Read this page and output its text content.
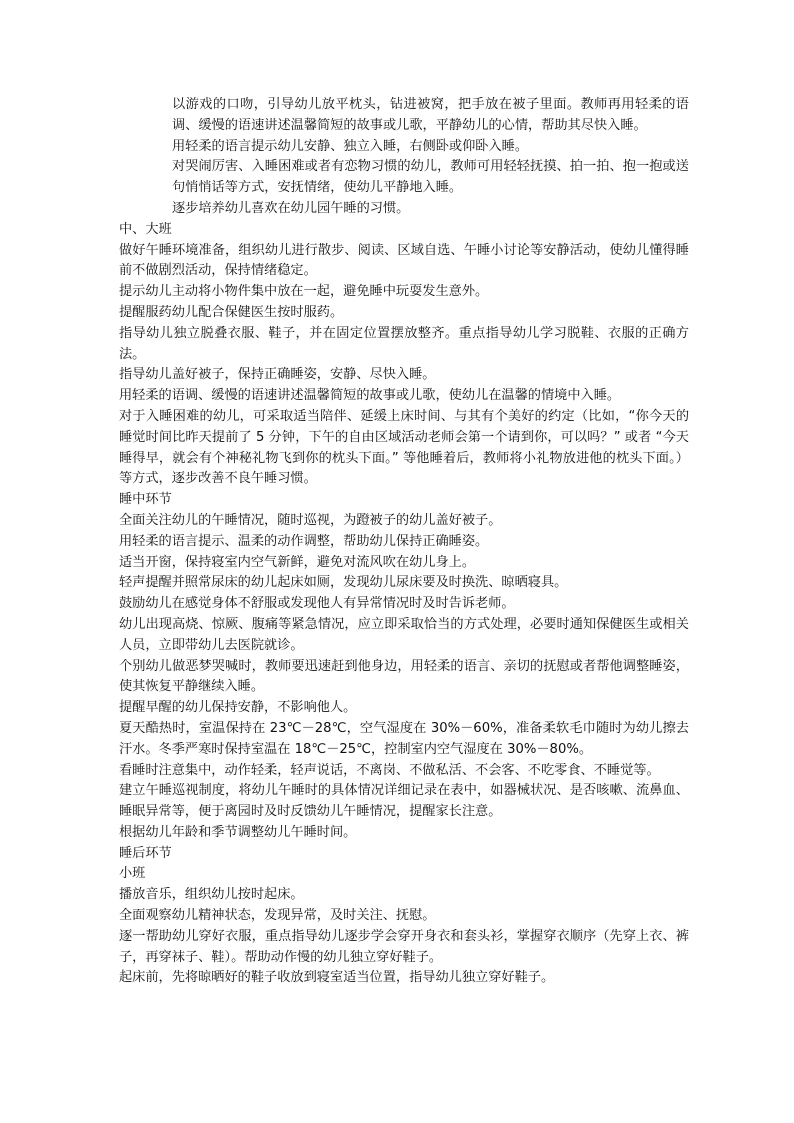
以游戏的口吻，引导幼儿放平枕头，钻进被窝，把手放在被子里面。教师再用轻柔的语调、缓慢的语速讲述温馨简短的故事或儿歌，平静幼儿的心情，帮助其尽快入睡。

用轻柔的语言提示幼儿安静、独立入睡，右侧卧或仰卧入睡。

对哭闹厉害、入睡困难或者有恋物习惯的幼儿，教师可用轻轻抚摸、拍一拍、抱一抱或送句悄悄话等方式，安抚情绪，使幼儿平静地入睡。

逐步培养幼儿喜欢在幼儿园午睡的习惯。

中、大班

做好午睡环境准备，组织幼儿进行散步、阅读、区域自选、午睡小讨论等安静活动，使幼儿懂得睡前不做剧烈活动，保持情绪稳定。

提示幼儿主动将小物件集中放在一起，避免睡中玩耍发生意外。

提醒服药幼儿配合保健医生按时服药。

指导幼儿独立脱叠衣服、鞋子，并在固定位置摆放整齐。重点指导幼儿学习脱鞋、衣服的正确方法。

指导幼儿盖好被子，保持正确睡姿，安静、尽快入睡。

用轻柔的语调、缓慢的语速讲述温馨简短的故事或儿歌，使幼儿在温馨的情境中入睡。

对于入睡困难的幼儿，可采取适当陪伴、延缓上床时间、与其有个美好的约定（比如，“你今天的睡觉时间比昨天提前了 5 分钟，下午的自由区域活动老师会第一个请到你，可以吗？” 或者 “今天睡得早，就会有个神秘礼物飞到你的枕头下面。” 等他睡着后，教师将小礼物放进他的枕头下面。）等方式，逐步改善不良午睡习惯。

睡中环节

全面关注幼儿的午睡情况，随时巡视，为蹬被子的幼儿盖好被子。

用轻柔的语言提示、温柔的动作调整，帮助幼儿保持正确睡姿。

适当开窗，保持寝室内空气新鲜，避免对流风吹在幼儿身上。

轻声提醒并照常尿床的幼儿起床如厕，发现幼儿尿床要及时换洗、晾晒寝具。

鼓励幼儿在感觉身体不舒服或发现他人有异常情况时及时告诉老师。

幼儿出现高烧、惊厥、腹痛等紧急情况，应立即采取恰当的方式处理，必要时通知保健医生或相关人员，立即带幼儿去医院就诊。

个别幼儿做恶梦哭喊时，教师要迅速赶到他身边，用轻柔的语言、亲切的抚慰或者帮他调整睡姿，使其恢复平静继续入睡。

提醒早醒的幼儿保持安静，不影响他人。

夏天酷热时，室温保持在 23℃－28℃，空气湿度在 30%－60%，准备柔软毛巾随时为幼儿擦去汗水。冬季严寒时保持室温在 18℃－25℃，控制室内空气湿度在 30%－80%。

看睡时注意集中，动作轻柔，轻声说话，不离岗、不做私活、不会客、不吃零食、不睡觉等。

建立午睡巡视制度，将幼儿午睡时的具体情况详细记录在表中，如器械状况、是否咳嗽、流鼻血、睡眠异常等，便于离园时及时反馈幼儿午睡情况，提醒家长注意。

根据幼儿年龄和季节调整幼儿午睡时间。

睡后环节

小班

播放音乐，组织幼儿按时起床。

全面观察幼儿精神状态，发现异常，及时关注、抚慰。

逐一帮助幼儿穿好衣服，重点指导幼儿逐步学会穿开身衣和套头衫，掌握穿衣顺序（先穿上衣、裤子，再穿袜子、鞋）。帮助动作慢的幼儿独立穿好鞋子。

起床前，先将晾晒好的鞋子收放到寝室适当位置，指导幼儿独立穿好鞋子。
